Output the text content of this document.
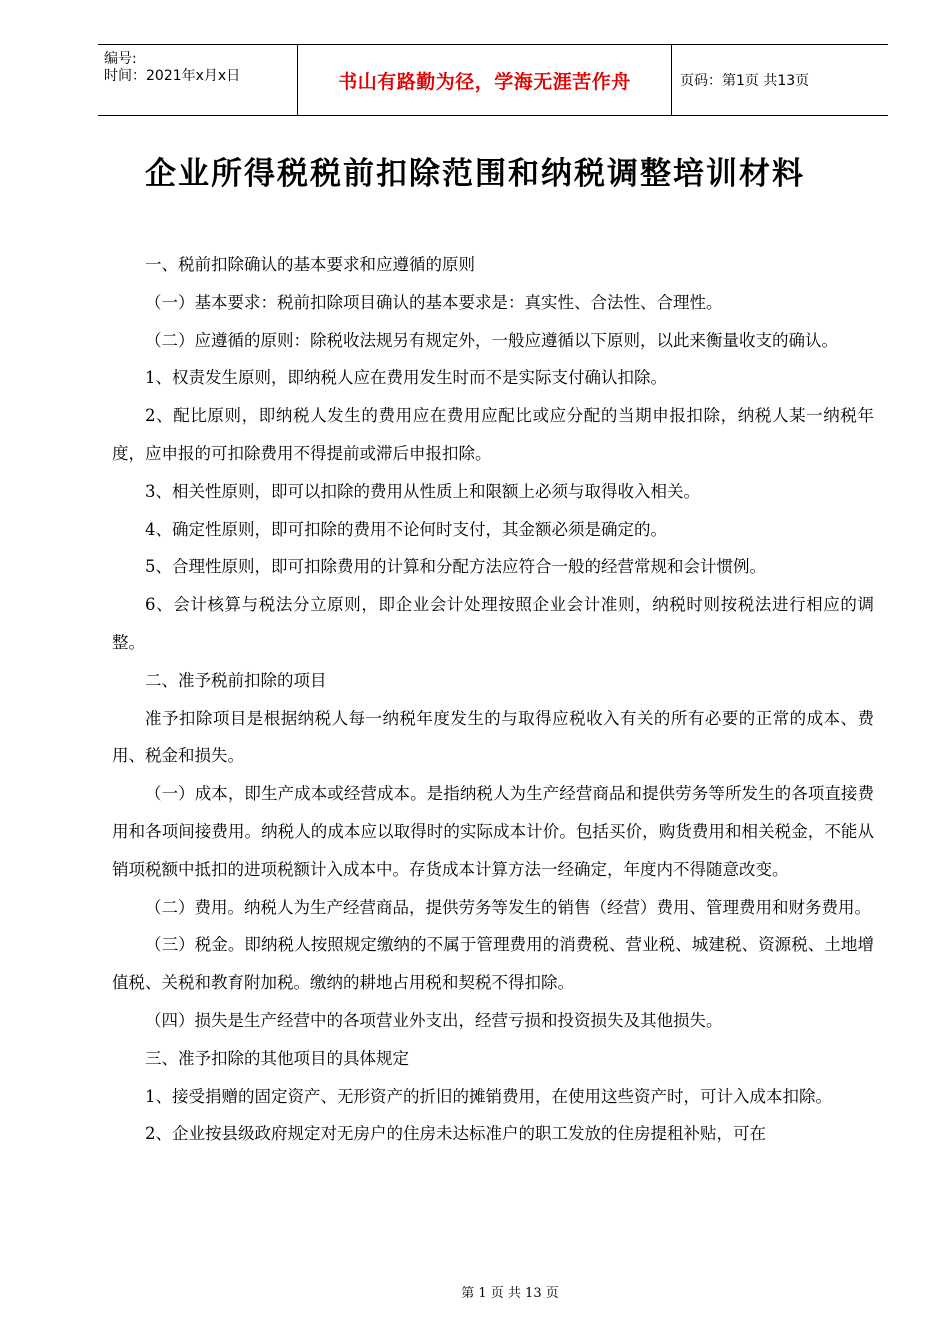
编号:
时间：2021年x月x日	书山有路勤为径，学海无涯苦作舟	页码：第1页 共13页
企业所得税税前扣除范围和纳税调整培训材料

一、税前扣除确认的基本要求和应遵循的原则

（一）基本要求：税前扣除项目确认的基本要求是：真实性、合法性、合理性。

（二）应遵循的原则：除税收法规另有规定外，一般应遵循以下原则，以此来衡量收支的确认。

1、权责发生原则，即纳税人应在费用发生时而不是实际支付确认扣除。

2、配比原则，即纳税人发生的费用应在费用应配比或应分配的当期申报扣除，纳税人某一纳税年度，应申报的可扣除费用不得提前或滞后申报扣除。

3、相关性原则，即可以扣除的费用从性质上和限额上必须与取得收入相关。

4、确定性原则，即可扣除的费用不论何时支付，其金额必须是确定的。

5、合理性原则，即可扣除费用的计算和分配方法应符合一般的经营常规和会计惯例。

6、会计核算与税法分立原则，即企业会计处理按照企业会计准则，纳税时则按税法进行相应的调整。

二、准予税前扣除的项目

准予扣除项目是根据纳税人每一纳税年度发生的与取得应税收入有关的所有必要的正常的成本、费用、税金和损失。

（一）成本，即生产成本或经营成本。是指纳税人为生产经营商品和提供劳务等所发生的各项直接费用和各项间接费用。纳税人的成本应以取得时的实际成本计价。包括买价，购货费用和相关税金，不能从销项税额中抵扣的进项税额计入成本中。存货成本计算方法一经确定，年度内不得随意改变。

（二）费用。纳税人为生产经营商品，提供劳务等发生的销售（经营）费用、管理费用和财务费用。

（三）税金。即纳税人按照规定缴纳的不属于管理费用的消费税、营业税、城建税、资源税、土地增值税、关税和教育附加税。缴纳的耕地占用税和契税不得扣除。

（四）损失是生产经营中的各项营业外支出，经营亏损和投资损失及其他损失。

三、准予扣除的其他项目的具体规定

1、接受捐赠的固定资产、无形资产的折旧的摊销费用，在使用这些资产时，可计入成本扣除。

2、企业按县级政府规定对无房户的住房未达标准户的职工发放的住房提租补贴，可在

第 1 页 共 13 页
